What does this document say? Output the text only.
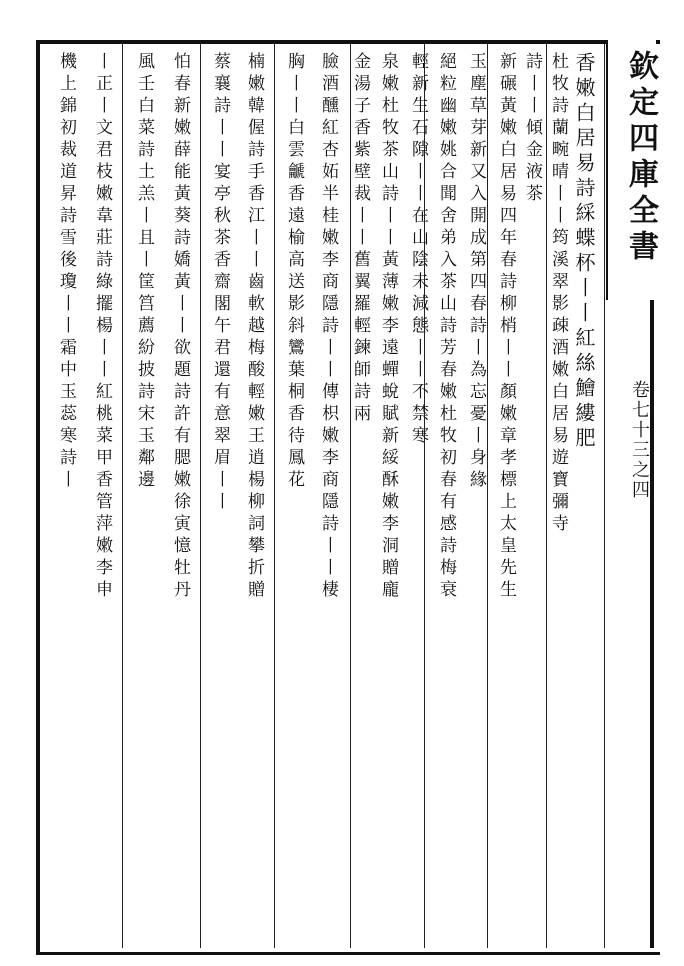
欽定四庫全書
卷七十三之四
香嫩白居易詩綵蝶杯丨丨紅絲鱠縷肥
杜牧詩蘭畹晴丨丨筠溪翠影疎酒嫩白居易遊寶彌寺
詩丨丨傾金液茶
新碾黃嫩白居易四年春詩柳梢丨丨顏嫩章孝標上太皇先生
玉塵草芽新又入開成第四春詩丨為忘憂丨身緣
絕粒幽嫩姚合聞舍弟入茶山詩芳春嫩杜牧初春有感詩梅衰
輕新生石隙丨丨在山陰未減態丨丨不禁寒
泉嫩杜牧茶山詩丨丨黃薄嫩李遠蟬蛻賦新綏酥嫩李洞贈龐
金湯子香紫壁裁丨丨舊翼羅輕鍊師詩兩
臉酒醺紅杏妬半桂嫩李商隱詩丨丨傳枳嫩李商隱詩丨丨棲
胸丨丨白雲䶵香遠榆高送影斜鸞葉桐香待鳳花
楠嫩韓偓詩手香江丨丨齒軟越梅酸輕嫩王逍楊柳詞攀折贈
蔡襄詩丨丨宴亭秋茶香齋閣午君還有意翠眉丨丨
怕春新嫩薛能黃葵詩嬌黃丨丨欲題詩許有腮嫩徐寅憶牡丹
風壬白菜詩土羔丨且丨筐筥薦紛披詩宋玉鄰邊
丨正丨文君枝嫩韋莊詩綠擺楊丨丨紅桃菜甲香管萍嫩李申
機上錦初裁道昇詩雪後瓊丨丨霜中玉蕊寒詩丨
